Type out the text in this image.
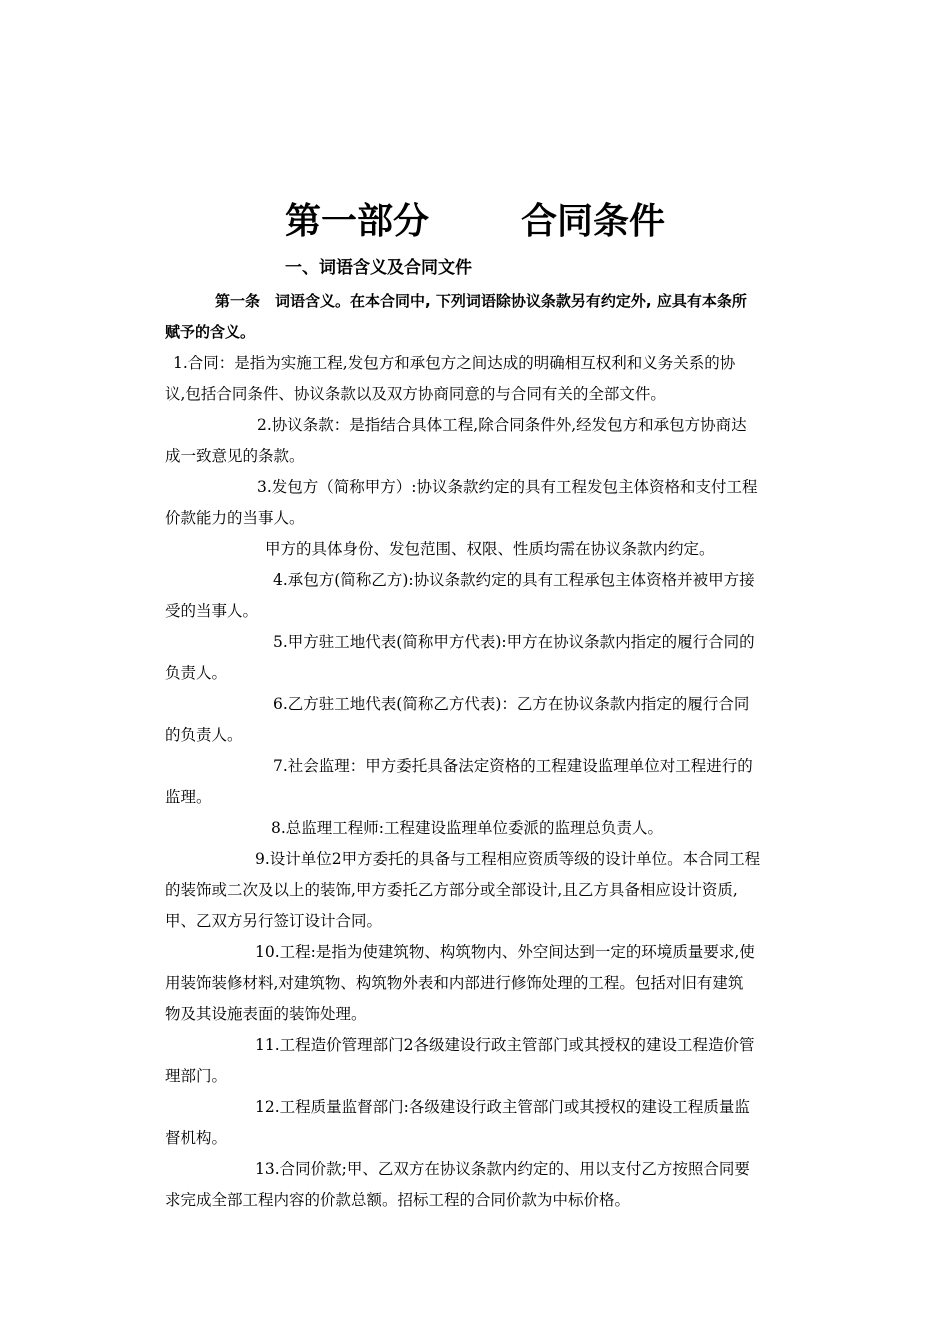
第一部分	合同条件
一、词语含义及合同文件
第一条　词语含义。在本合同中, 下列词语除协议条款另有约定外, 应具有本条所
赋予的含义。
1.合同：是指为实施工程,发包方和承包方之间达成的明确相互权利和义务关系的协
议,包括合同条件、协议条款以及双方协商同意的与合同有关的全部文件。
2.协议条款：是指结合具体工程,除合同条件外,经发包方和承包方协商达
成一致意见的条款。
3.发包方（简称甲方）:协议条款约定的具有工程发包主体资格和支付工程
价款能力的当事人。
甲方的具体身份、发包范围、权限、性质均需在协议条款内约定。
4.承包方(简称乙方):协议条款约定的具有工程承包主体资格并被甲方接
受的当事人。
5.甲方驻工地代表(简称甲方代表):甲方在协议条款内指定的履行合同的
负责人。
6.乙方驻工地代表(简称乙方代表)：乙方在协议条款内指定的履行合同
的负责人。
7.社会监理：甲方委托具备法定资格的工程建设监理单位对工程进行的
监理。
8.总监理工程师:工程建设监理单位委派的监理总负责人。
9.设计单位2甲方委托的具备与工程相应资质等级的设计单位。本合同工程
的装饰或二次及以上的装饰,甲方委托乙方部分或全部设计,且乙方具备相应设计资质,
甲、乙双方另行签订设计合同。
10.工程:是指为使建筑物、构筑物内、外空间达到一定的环境质量要求,使
用装饰装修材料,对建筑物、构筑物外表和内部进行修饰处理的工程。包括对旧有建筑
物及其设施表面的装饰处理。
11.工程造价管理部门2各级建设行政主管部门或其授权的建设工程造价管
理部门。
12.工程质量监督部门:各级建设行政主管部门或其授权的建设工程质量监
督机构。
13.合同价款;甲、乙双方在协议条款内约定的、用以支付乙方按照合同要
求完成全部工程内容的价款总额。招标工程的合同价款为中标价格。
